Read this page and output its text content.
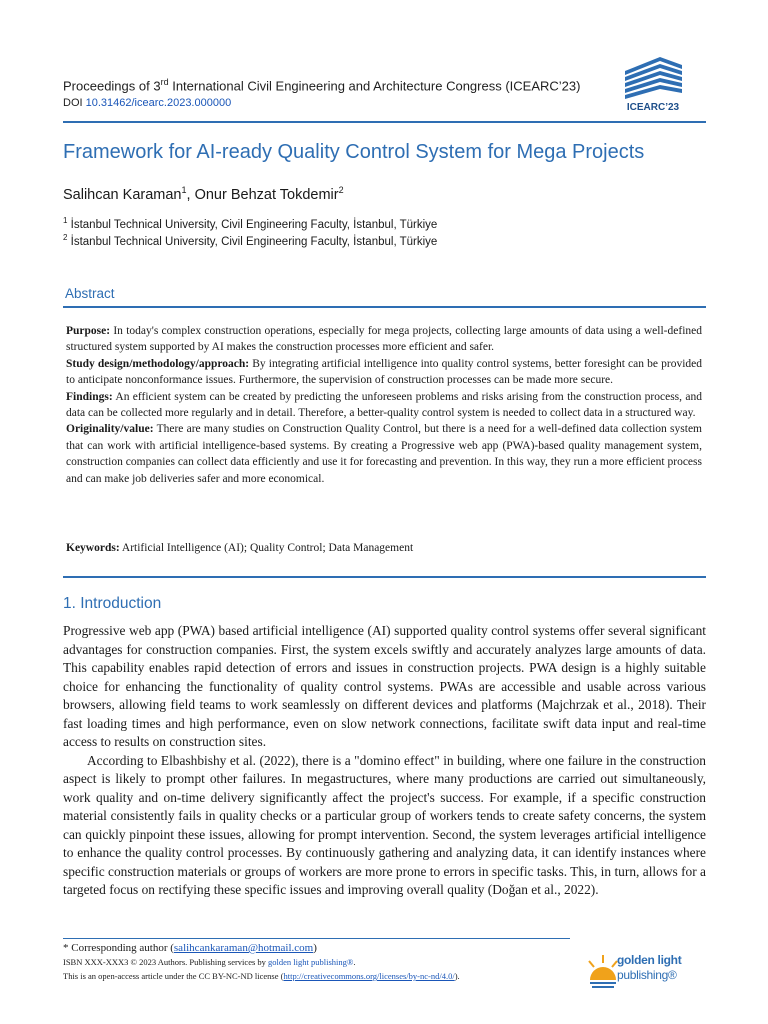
Proceedings of 3rd International Civil Engineering and Architecture Congress (ICEARC’23)
DOI 10.31462/icearc.2023.000000	ICEARC’23
Framework for AI-ready Quality Control System for Mega Projects
Salihcan Karaman$^1$, Onur Behzat Tokdemir$^2$
$^1$ İstanbul Technical University, Civil Engineering Faculty, İstanbul, Türkiye
$^2$ İstanbul Technical University, Civil Engineering Faculty, İstanbul, Türkiye
Abstract

Purpose: In today's complex construction operations, especially for mega projects, collecting large amounts of data using a well-defined structured system supported by AI makes the construction processes more efficient and safer.

Study design/methodology/approach: By integrating artificial intelligence into quality control systems, better foresight can be provided to anticipate nonconformance issues. Furthermore, the supervision of construction processes can be made more secure.

Findings: An efficient system can be created by predicting the unforeseen problems and risks arising from the construction process, and data can be collected more regularly and in detail. Therefore, a better-quality control system is needed to collect data in a structured way.

Originality/value: There are many studies on Construction Quality Control, but there is a need for a well-defined data collection system that can work with artificial intelligence-based systems. By creating a Progressive web app (PWA)-based quality management system, construction companies can collect data efficiently and use it for forecasting and prevention. In this way, they run a more efficient process and can make job deliveries safer and more economical.

Keywords: Artificial Intelligence (AI); Quality Control; Data Management
1. Introduction

Progressive web app (PWA) based artificial intelligence (AI) supported quality control systems offer several significant advantages for construction companies. First, the system excels swiftly and accurately analyzes large amounts of data. This capability enables rapid detection of errors and issues in construction projects. PWA design is a highly suitable choice for enhancing the functionality of quality control systems. PWAs are accessible and usable across various browsers, allowing field teams to work seamlessly on different devices and platforms (Majchrzak et al., 2018). Their fast loading times and high performance, even on slow network connections, facilitate swift data input and real-time access to results on construction sites.

According to Elbashbishy et al. (2022), there is a "domino effect" in building, where one failure in the construction aspect is likely to prompt other failures. In megastructures, where many productions are carried out simultaneously, work quality and on-time delivery significantly affect the project's success. For example, if a specific construction material consistently fails in quality checks or a particular group of workers tends to create safety concerns, the system can quickly pinpoint these issues, allowing for prompt intervention. Second, the system leverages artificial intelligence to enhance the quality control processes. By continuously gathering and analyzing data, it can identify instances where specific construction materials or groups of workers are more prone to errors in specific tasks. This, in turn, allows for a targeted focus on rectifying these specific issues and improving overall quality (Doğan et al., 2022).

* Corresponding author (salihcankaraman@hotmail.com)
ISBN XXX-XXX3 © 2023 Authors. Publishing services by golden light publishing®.
This is an open-access article under the CC BY-NC-ND license (http://creativecommons.org/licenses/by-nc-nd/4.0/).
golden light
publishing®
